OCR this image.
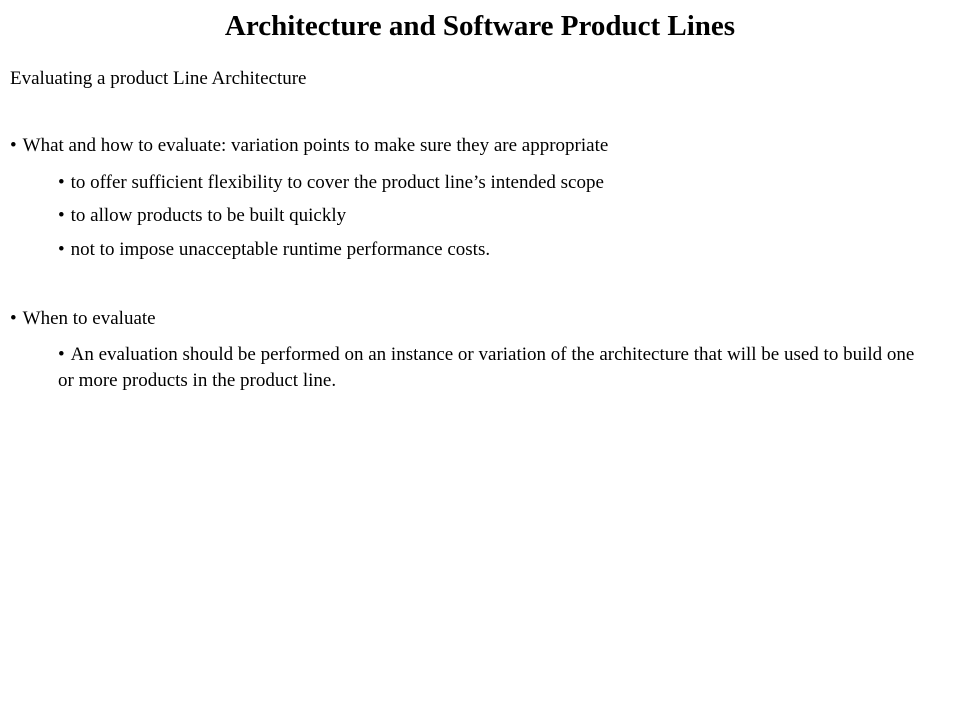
Architecture and Software Product Lines

Evaluating a product Line Architecture

• What and how to evaluate: variation points to make sure they are appropriate

• to offer sufficient flexibility to cover the product line’s intended scope

• to allow products to be built quickly

• not to impose unacceptable runtime performance costs.

• When to evaluate

• An evaluation should be performed on an instance or variation of the architecture that will be used to build one or more products in the product line.
